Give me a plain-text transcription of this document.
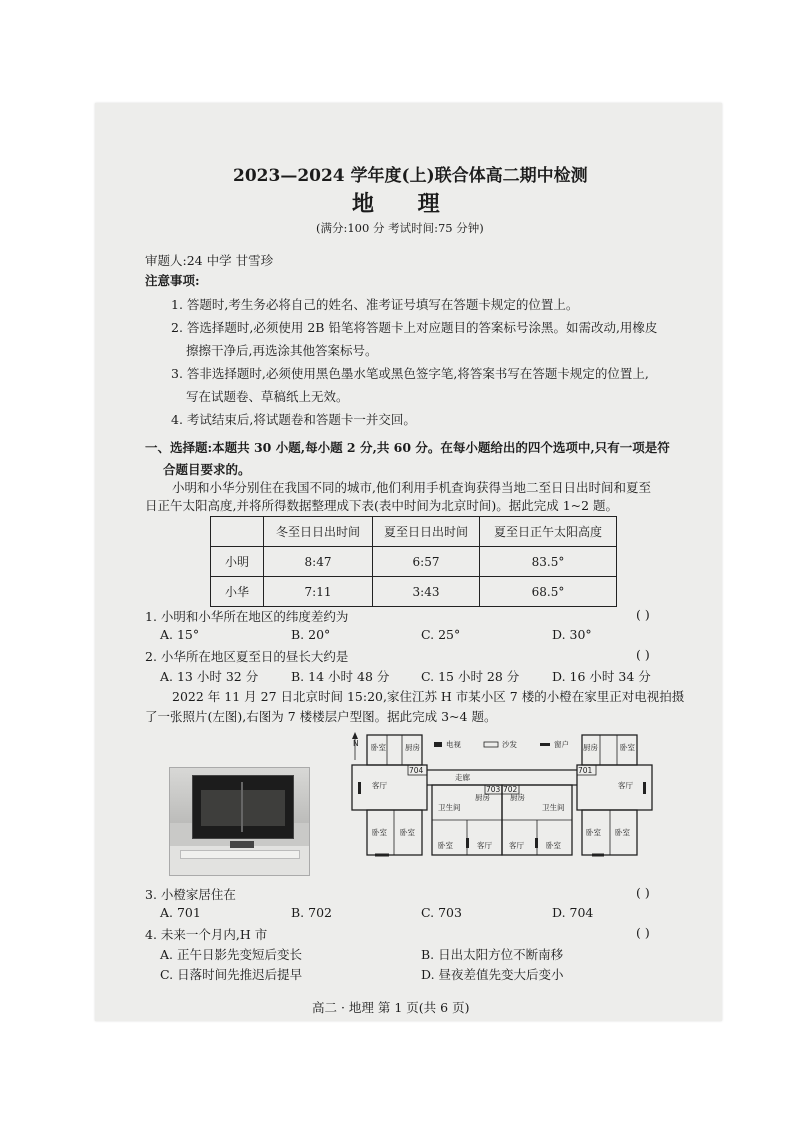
2023—2024 学年度(上)联合体高二期中检测
地 理
(满分:100 分 考试时间:75 分钟)
审题人:24 中学 甘雪珍
注意事项:
1. 答题时,考生务必将自己的姓名、准考证号填写在答题卡规定的位置上。
2. 答选择题时,必须使用 2B 铅笔将答题卡上对应题目的答案标号涂黑。如需改动,用橡皮
擦擦干净后,再选涂其他答案标号。
3. 答非选择题时,必须使用黑色墨水笔或黑色签字笔,将答案书写在答题卡规定的位置上,
写在试题卷、草稿纸上无效。
4. 考试结束后,将试题卷和答题卡一并交回。
一、选择题:本题共 30 小题,每小题 2 分,共 60 分。在每小题给出的四个选项中,只有一项是符
合题目要求的。
小明和小华分别住在我国不同的城市,他们利用手机查询获得当地二至日日出时间和夏至
日正午太阳高度,并将所得数据整理成下表(表中时间为北京时间)。据此完成 1~2 题。
	冬至日日出时间	夏至日日出时间	夏至日正午太阳高度
小明	8:47	6:57	83.5°
小华	7:11	3:43	68.5°
1. 小明和小华所在地区的纬度差约为	( )
A. 15°	B. 20°	C. 25°	D. 30°
2. 小华所在地区夏至日的昼长大约是	( )
A. 13 小时 32 分	B. 14 小时 48 分	C. 15 小时 28 分	D. 16 小时 34 分
2022 年 11 月 27 日北京时间 15:20,家住江苏 H 市某小区 7 楼的小橙在家里正对电视拍摄
了一张照片(左图),右图为 7 楼楼层户型图。据此完成 3~4 题。
N	电视	沙发	窗户
卧室	厨房
客厅
卧室 卧室
704
走廊
厨房	厨房
卫生间	卫生间
卧室	客厅 客厅	卧室
703 702
厨房	卧室
客厅
卧室 卧室
701
3. 小橙家居住在	( )
A. 701	B. 702	C. 703	D. 704
4. 未来一个月内,H 市	( )
A. 正午日影先变短后变长	B. 日出太阳方位不断南移
C. 日落时间先推迟后提早	D. 昼夜差值先变大后变小
高二 · 地理 第 1 页(共 6 页)
